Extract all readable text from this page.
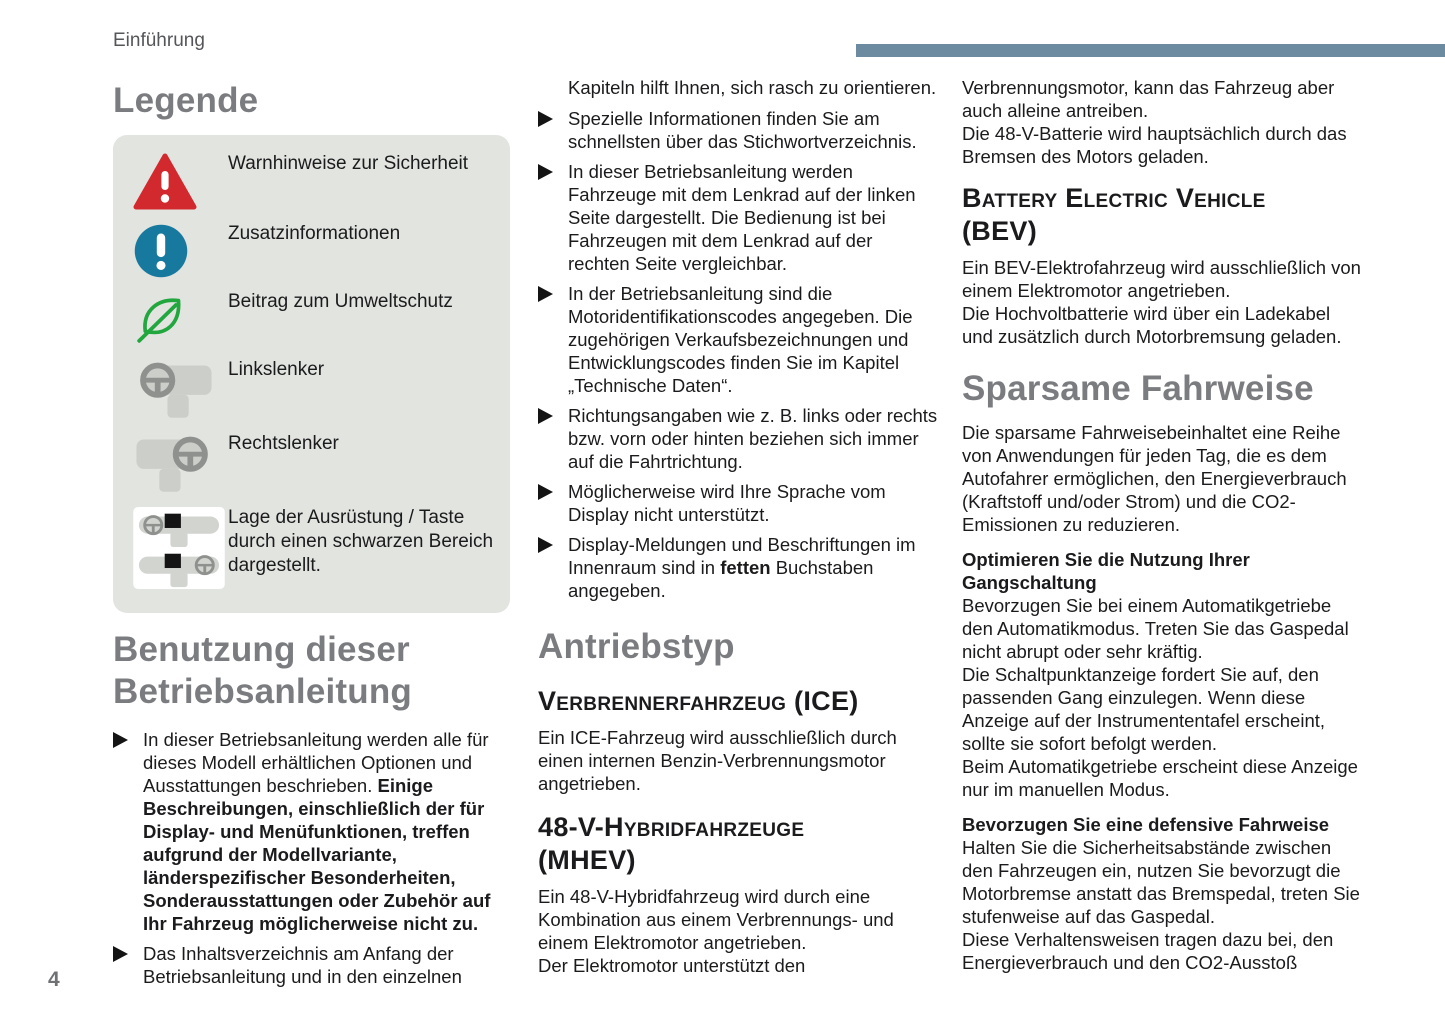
Einführung
Legende
Warnhinweise zur Sicherheit
Zusatzinformationen
Beitrag zum Umweltschutz
Linkslenker
Rechtslenker
Lage der Ausrüstung / Taste durch einen schwarzen Bereich dargestellt.
Benutzung dieser Betriebsanleitung
In dieser Betriebsanleitung werden alle für dieses Modell erhältlichen Optionen und Ausstattungen beschrieben. Einige Beschreibungen, einschließlich der für Display- und Menüfunktionen, treffen aufgrund der Modellvariante, länderspezifischer Besonderheiten, Sonderausstattungen oder Zubehör auf Ihr Fahrzeug möglicherweise nicht zu.
Das Inhaltsverzeichnis am Anfang der Betriebsanleitung und in den einzelnen
Kapiteln hilft Ihnen, sich rasch zu orientieren.
Spezielle Informationen finden Sie am schnellsten über das Stichwortverzeichnis.
In dieser Betriebsanleitung werden Fahrzeuge mit dem Lenkrad auf der linken Seite dargestellt. Die Bedienung ist bei Fahrzeugen mit dem Lenkrad auf der rechten Seite vergleichbar.
In der Betriebsanleitung sind die Motoridentifikationscodes angegeben. Die zugehörigen Verkaufsbezeichnungen und Entwicklungscodes finden Sie im Kapitel „Technische Daten“.
Richtungsangaben wie z. B. links oder rechts bzw. vorn oder hinten beziehen sich immer auf die Fahrtrichtung.
Möglicherweise wird Ihre Sprache vom Display nicht unterstützt.
Display-Meldungen und Beschriftungen im Innenraum sind in fetten Buchstaben angegeben.
Antriebstyp
Verbrennerfahrzeug (ICE)
Ein ICE-Fahrzeug wird ausschließlich durch einen internen Benzin-Verbrennungsmotor angetrieben.
48-V-Hybridfahrzeuge (MHEV)
Ein 48-V-Hybridfahrzeug wird durch eine Kombination aus einem Verbrennungs- und einem Elektromotor angetrieben.
Der Elektromotor unterstützt den
Verbrennungsmotor, kann das Fahrzeug aber auch alleine antreiben.
Die 48-V-Batterie wird hauptsächlich durch das Bremsen des Motors geladen.
Battery Electric Vehicle (BEV)
Ein BEV-Elektrofahrzeug wird ausschließlich von einem Elektromotor angetrieben.
Die Hochvoltbatterie wird über ein Ladekabel und zusätzlich durch Motorbremsung geladen.
Sparsame Fahrweise
Die sparsame Fahrweisebeinhaltet eine Reihe von Anwendungen für jeden Tag, die es dem Autofahrer ermöglichen, den Energieverbrauch (Kraftstoff und/oder Strom) und die CO2-Emissionen zu reduzieren.
Optimieren Sie die Nutzung Ihrer Gangschaltung
Bevorzugen Sie bei einem Automatikgetriebe den Automatikmodus. Treten Sie das Gaspedal nicht abrupt oder sehr kräftig.
Die Schaltpunktanzeige fordert Sie auf, den passenden Gang einzulegen. Wenn diese Anzeige auf der Instrumententafel erscheint, sollte sie sofort befolgt werden.
Beim Automatikgetriebe erscheint diese Anzeige nur im manuellen Modus.
Bevorzugen Sie eine defensive Fahrweise
Halten Sie die Sicherheitsabstände zwischen den Fahrzeugen ein, nutzen Sie bevorzugt die Motorbremse anstatt das Bremspedal, treten Sie stufenweise auf das Gaspedal.
Diese Verhaltensweisen tragen dazu bei, den Energieverbrauch und den CO2-Ausstoß
4
